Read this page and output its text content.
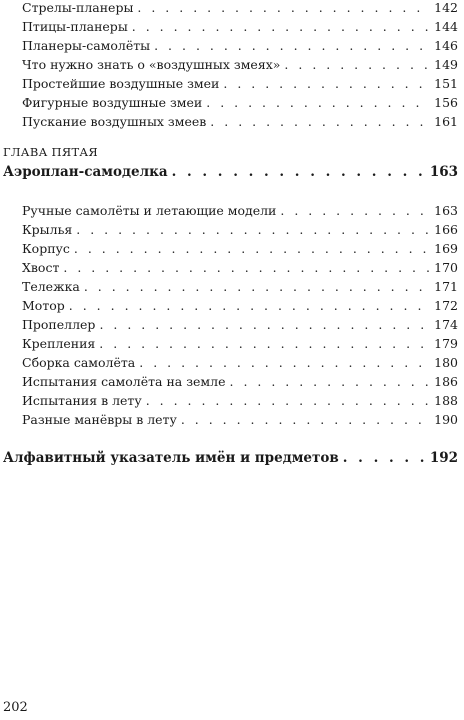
Стрелы-планеры . . .	142
Птицы-планеры . . .	144
Планеры-самолёты . . .	146
Что нужно знать о «воздушных змеях» . . .	149
Простейшие воздушные змеи . . .	151
Фигурные воздушные змеи . . .	156
Пускание воздушных змеев . . .	161
ГЛАВА ПЯТАЯ
Аэроплан-самоделка . . .	163
Ручные самолёты и летающие модели . . .	163
Крылья . . .	166
Корпус . . .	169
Хвост . . .	170
Тележка . . .	171
Мотор . . .	172
Пропеллер . . .	174
Крепления . . .	179
Сборка самолёта . . .	180
Испытания самолёта на земле . . .	186
Испытания в лету . . .	188
Разные манёвры в лету . . .	190
Алфавитный указатель имён и предметов . . .	192
202
